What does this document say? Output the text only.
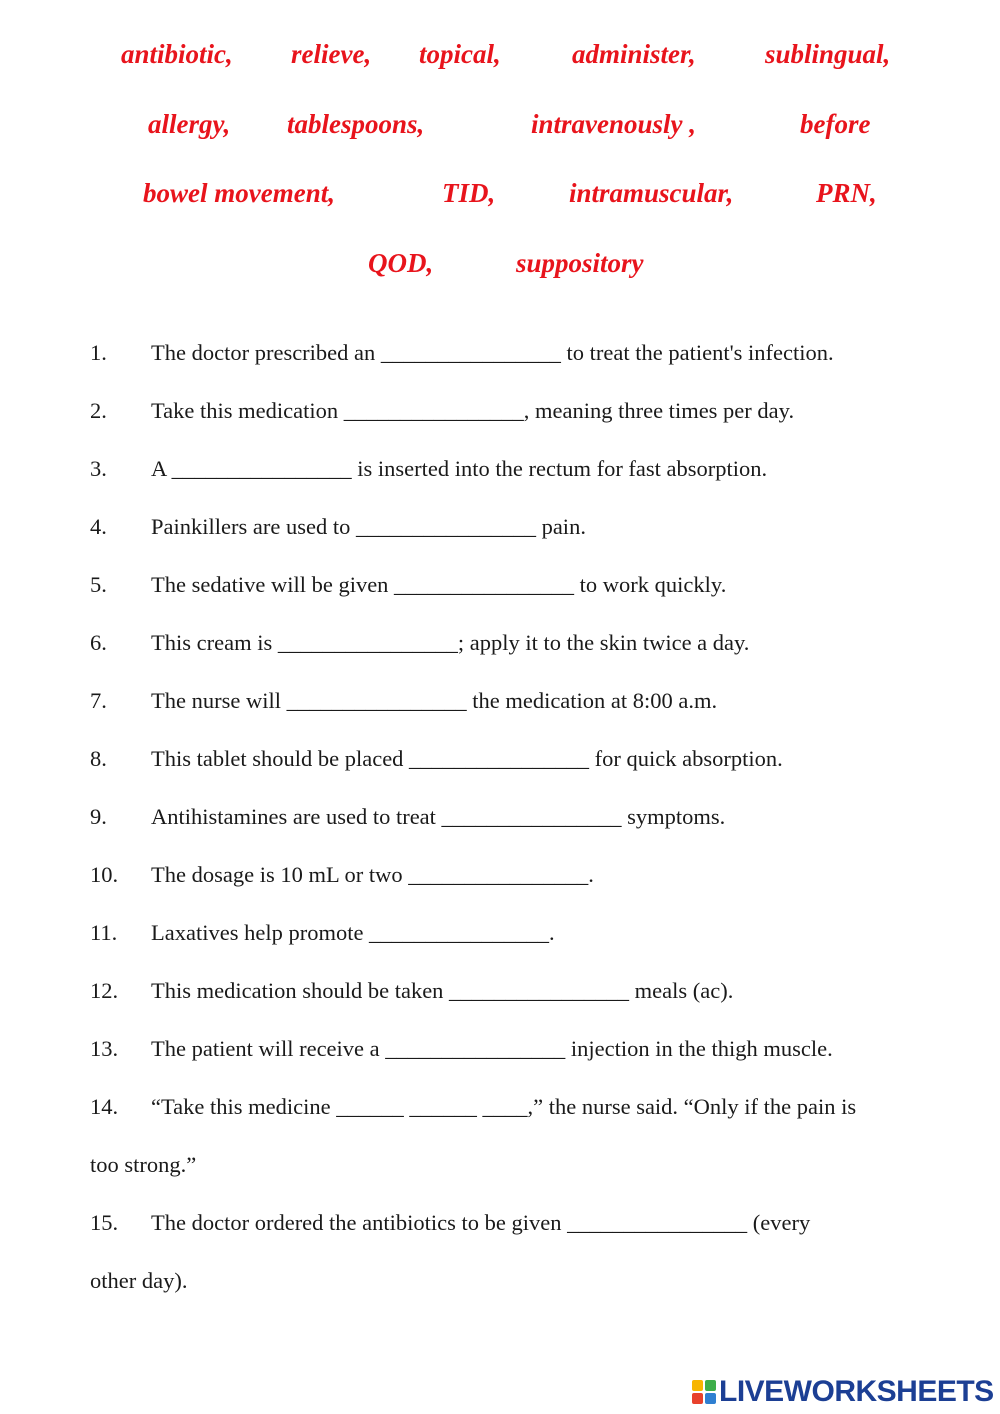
antibiotic, relieve, topical,	administer,	sublingual,
allergy, tablespoons,	intravenously ,	before
bowel movement,	TID,	intramuscular,	PRN,
QOD,	suppository
1. The doctor prescribed an ________________ to treat the patient's infection.
2. Take this medication ________________, meaning three times per day.
3. A ________________ is inserted into the rectum for fast absorption.
4. Painkillers are used to ________________ pain.
5. The sedative will be given ________________ to work quickly.
6. This cream is ________________; apply it to the skin twice a day.
7. The nurse will ________________ the medication at 8:00 a.m.
8. This tablet should be placed ________________ for quick absorption.
9. Antihistamines are used to treat ________________ symptoms.
10. The dosage is 10 mL or two ________________.
11. Laxatives help promote ________________.
12. This medication should be taken ________________ meals (ac).
13. The patient will receive a ________________ injection in the thigh muscle.
14. “Take this medicine ______ ______ ____,” the nurse said. “Only if the pain is
too strong.”
15. The doctor ordered the antibiotics to be given ________________ (every
other day).
LIVEWORKSHEETS
